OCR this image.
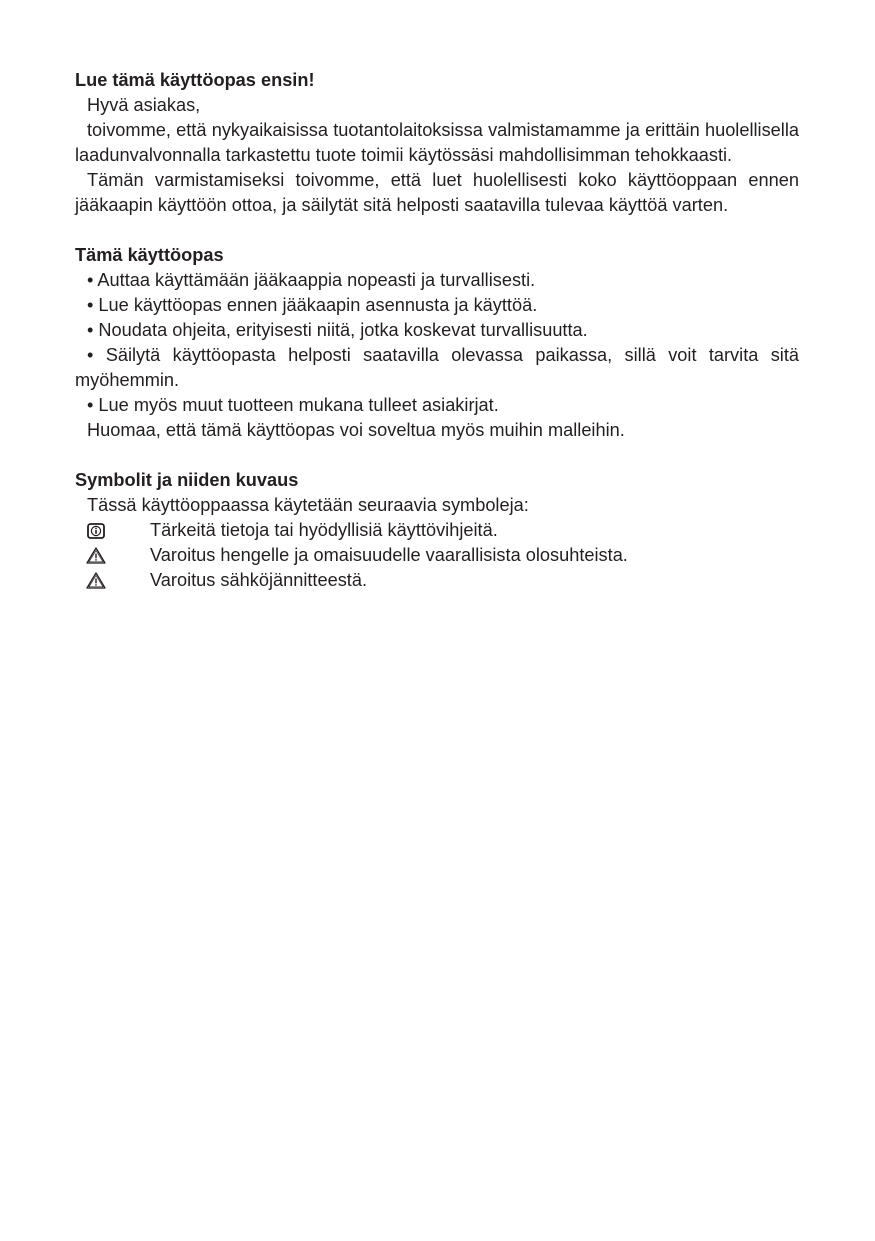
Lue tämä käyttöopas ensin!

Hyvä asiakas,

toivomme, että nykyaikaisissa tuotantolaitoksissa valmistamamme ja erittäin huolellisella laadunvalvonnalla tarkastettu tuote toimii käytössäsi mahdollisimman tehokkaasti.

Tämän varmistamiseksi toivomme, että luet huolellisesti koko käyttöoppaan ennen jääkaapin käyttöön ottoa, ja säilytät sitä helposti saatavilla tulevaa käyttöä varten.

Tämä käyttöopas

• Auttaa käyttämään jääkaappia nopeasti ja turvallisesti.

• Lue käyttöopas ennen jääkaapin asennusta ja käyttöä.

• Noudata ohjeita, erityisesti niitä, jotka koskevat turvallisuutta.

• Säilytä käyttöopasta helposti saatavilla olevassa paikassa, sillä voit tarvita sitä myöhemmin.

• Lue myös muut tuotteen mukana tulleet asiakirjat.

Huomaa, että tämä käyttöopas voi soveltua myös muihin malleihin.

Symbolit ja niiden kuvaus

Tässä käyttöoppaassa käytetään seuraavia symboleja:

Tärkeitä tietoja tai hyödyllisiä käyttövihjeitä.
Varoitus hengelle ja omaisuudelle vaarallisista olosuhteista.
Varoitus sähköjännitteestä.
